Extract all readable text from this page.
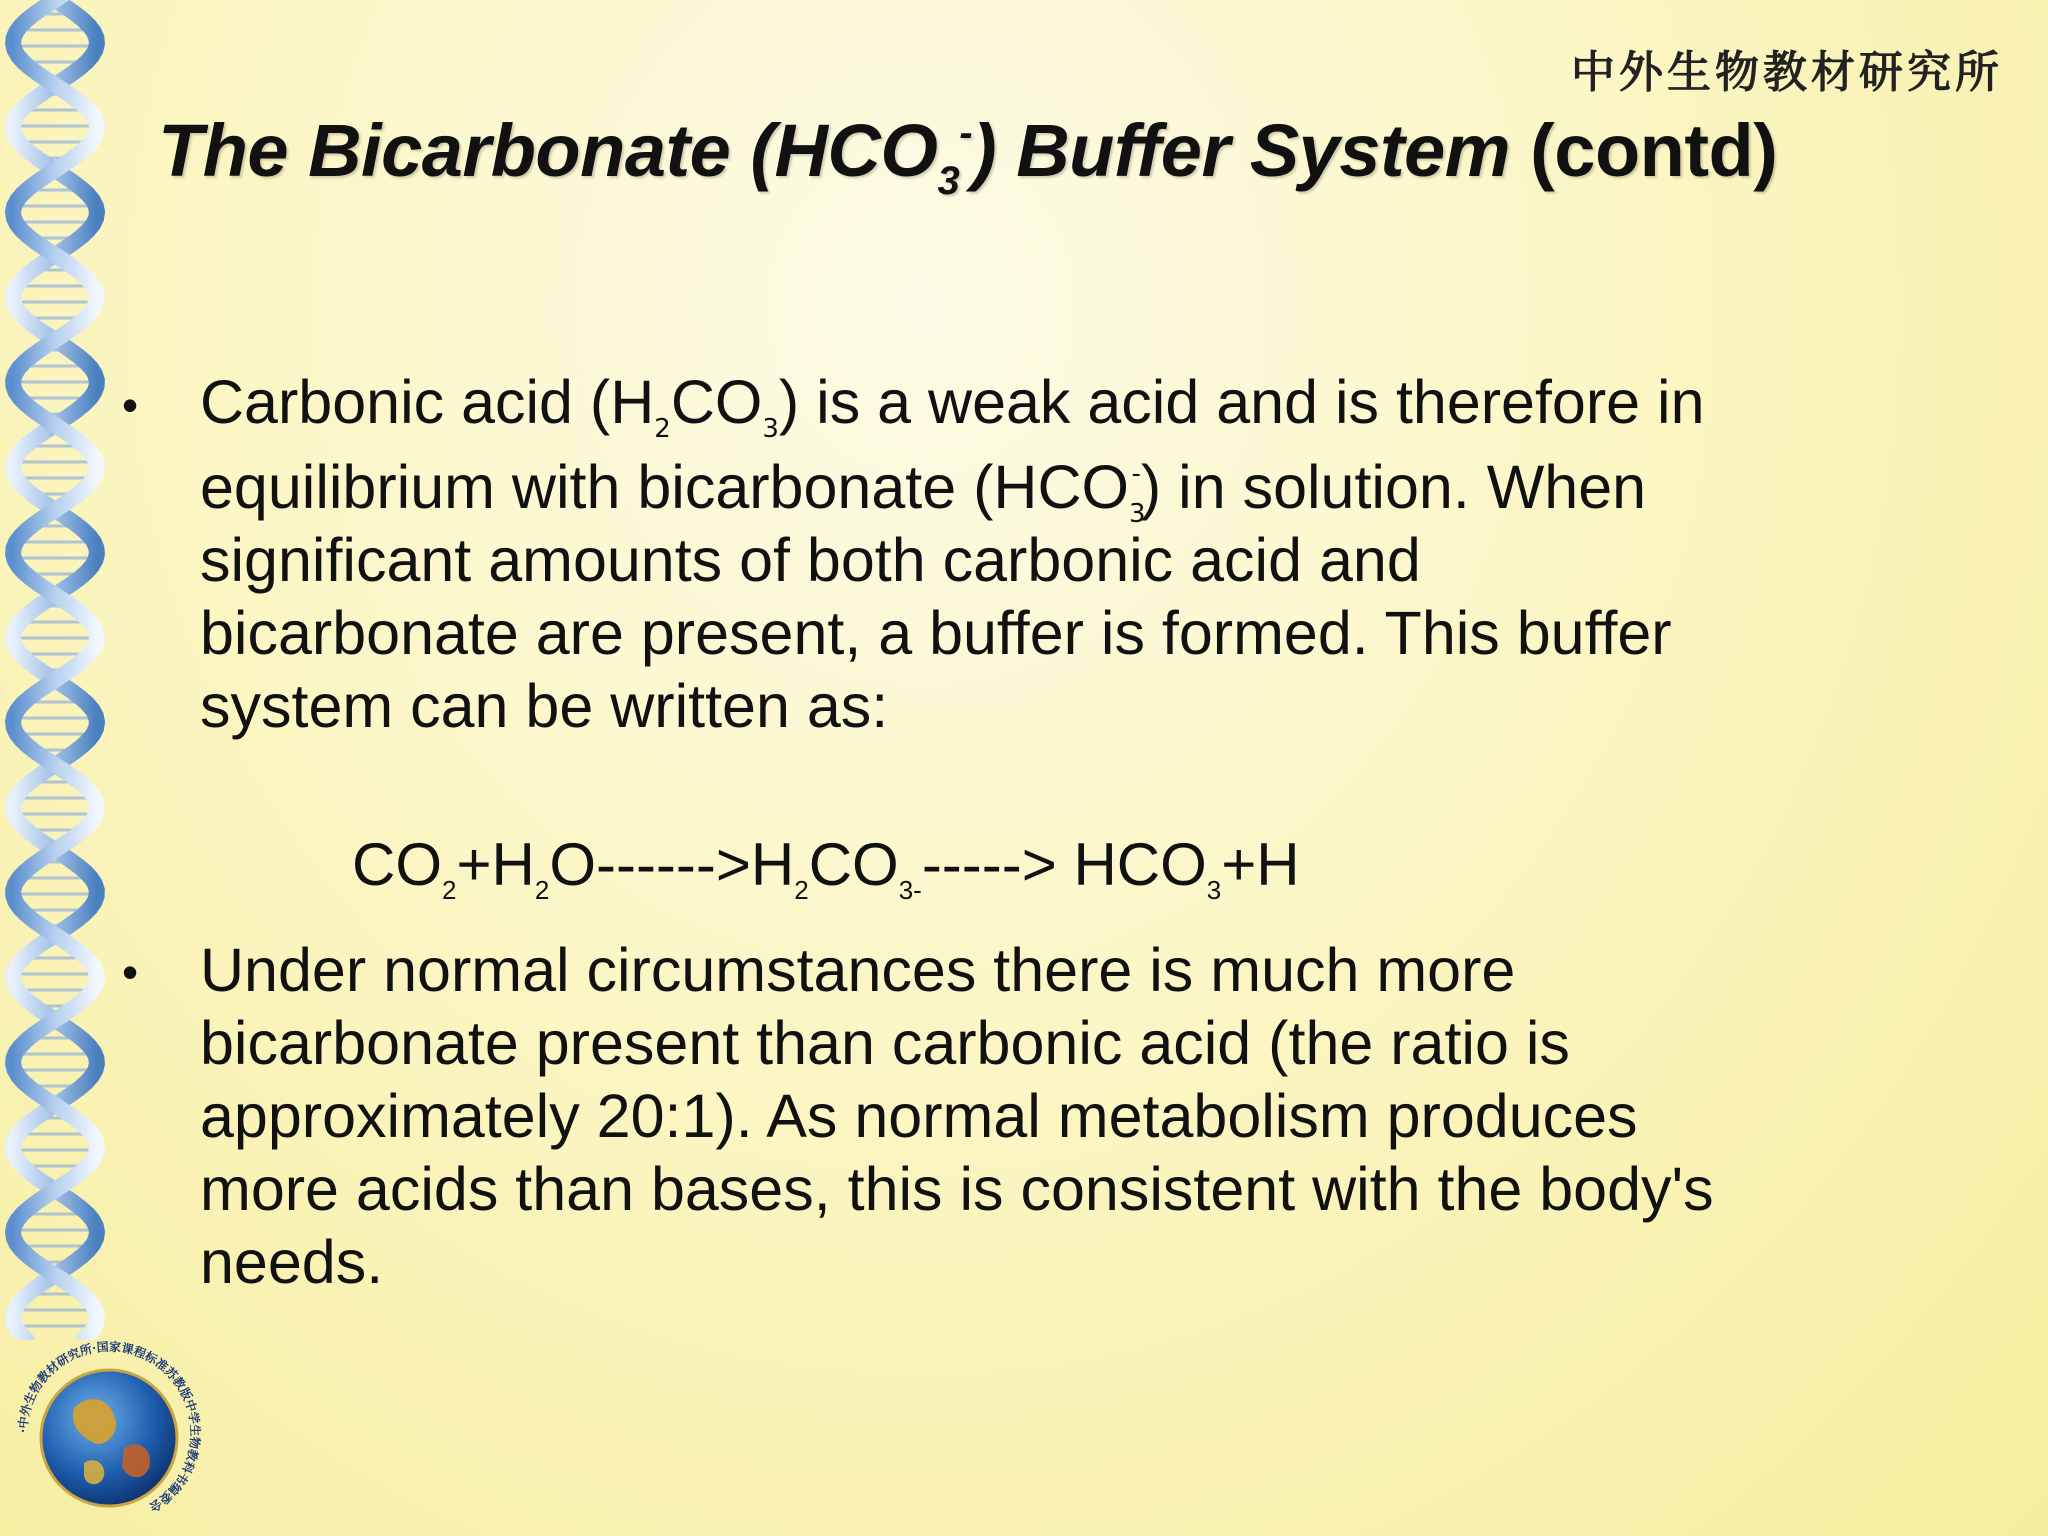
中外生物教材研究所
The Bicarbonate $(HCO_3^-)$ Buffer System (contd)
• Carbonic acid $(H_2CO_3)$ is a weak acid and is therefore in
equilibrium with bicarbonate $(HCO_3^-)$ in solution. When
significant amounts of both carbonic acid and
bicarbonate are present, a buffer is formed. This buffer
system can be written as:
$CO_2+H_2O------>H_2CO_{3-}-----> HCO_3+H$
• Under normal circumstances there is much more
bicarbonate present than carbonic acid (the ratio is
approximately 20:1). As normal metabolism produces
more acids than bases, this is consistent with the body's
needs.
·中外生物教材研究所·国家课程标准苏教版中学生物教科书编委会
